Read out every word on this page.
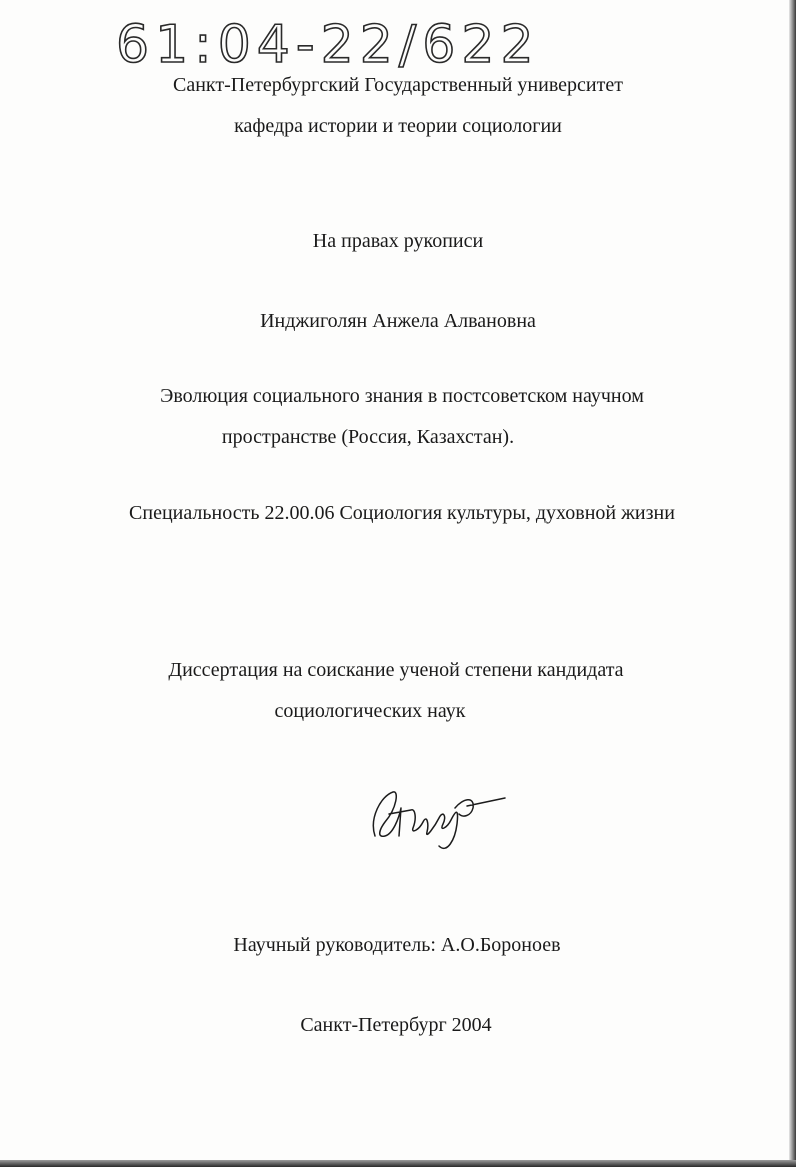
61:04-22/622
Санкт-Петербургский Государственный университет
кафедра истории и теории социологии
На правах рукописи
Инджиголян Анжела Алвановна
Эволюция социального знания в постсоветском научном
пространстве (Россия, Казахстан).
Специальность 22.00.06 Социология культуры, духовной жизни
Диссертация на соискание ученой степени кандидата
социологических наук
Научный руководитель: А.О.Бороноев
Санкт-Петербург 2004
